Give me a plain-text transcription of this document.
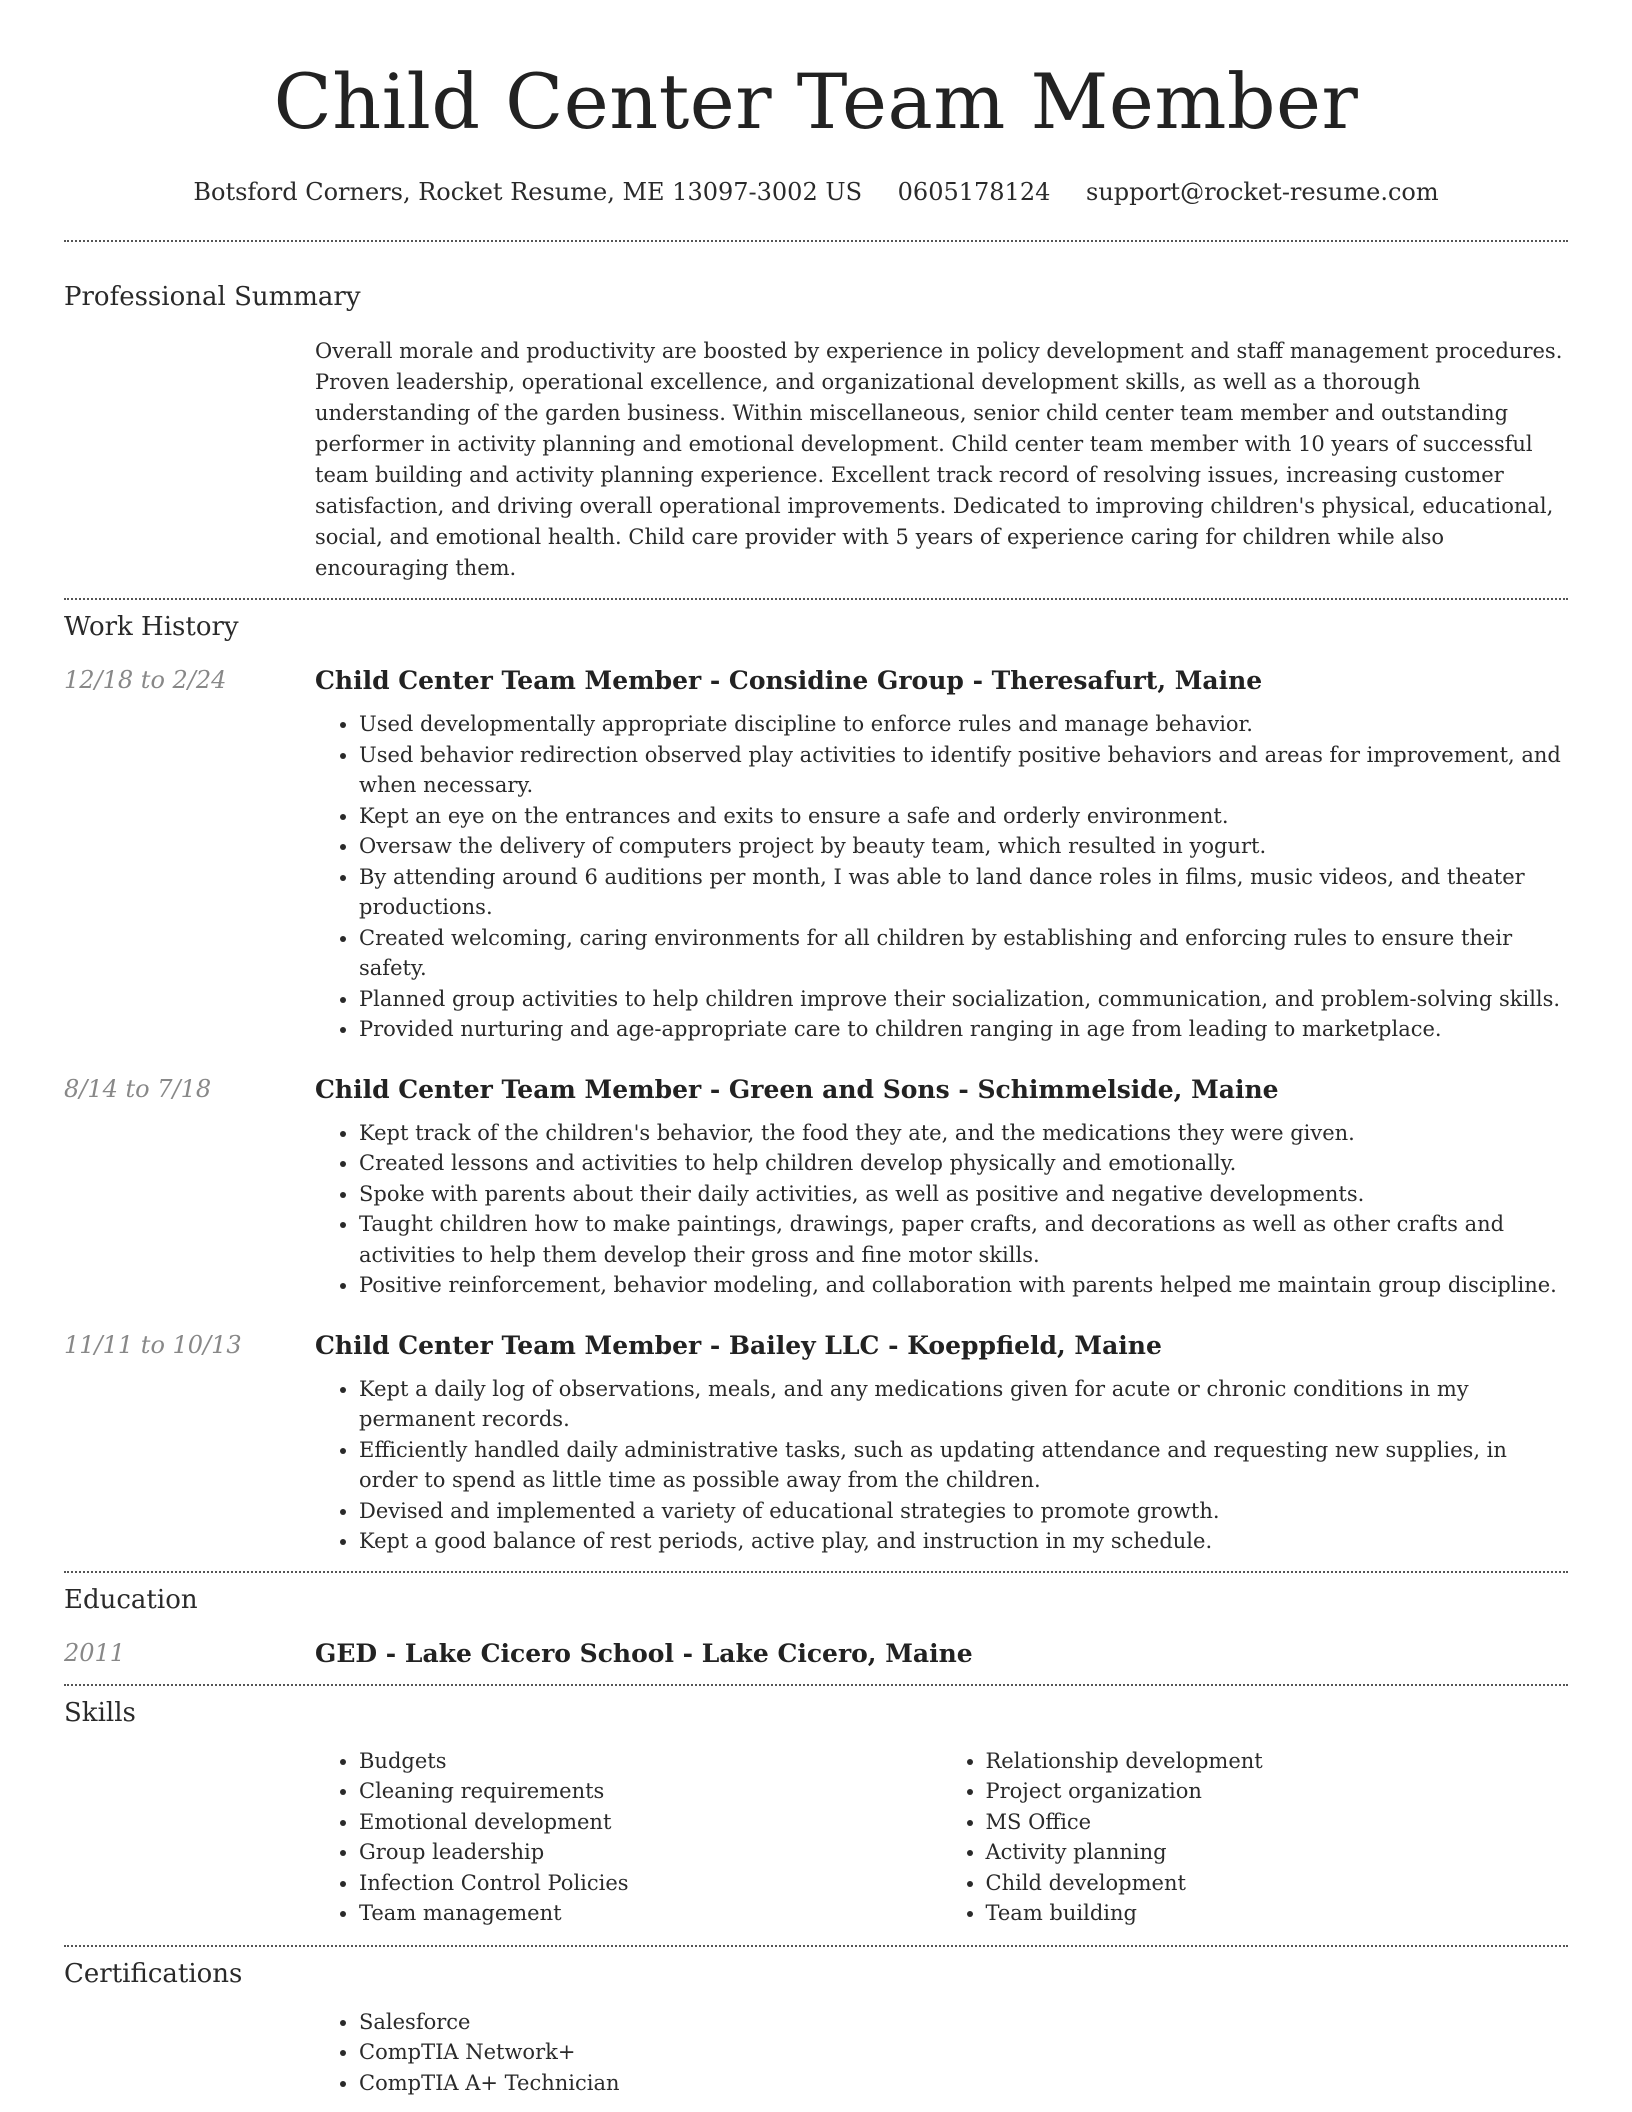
Child Center Team Member
Botsford Corners, Rocket Resume, ME 13097-3002 US 0605178124 support@rocket-resume.com
Professional Summary

Overall morale and productivity are boosted by experience in policy development and staff management procedures. Proven leadership, operational excellence, and organizational development skills, as well as a thorough understanding of the garden business. Within miscellaneous, senior child center team member and outstanding performer in activity planning and emotional development. Child center team member with 10 years of successful team building and activity planning experience. Excellent track record of resolving issues, increasing customer satisfaction, and driving overall operational improvements. Dedicated to improving children's physical, educational, social, and emotional health. Child care provider with 5 years of experience caring for children while also encouraging them.

Work History
12/18 to 2/24	Child Center Team Member - Considine Group - Theresafurt, Maine
• Used developmentally appropriate discipline to enforce rules and manage behavior.
• Used behavior redirection observed play activities to identify positive behaviors and areas for improvement, and when necessary.
• Kept an eye on the entrances and exits to ensure a safe and orderly environment.
• Oversaw the delivery of computers project by beauty team, which resulted in yogurt.
• By attending around 6 auditions per month, I was able to land dance roles in films, music videos, and theater productions.
• Created welcoming, caring environments for all children by establishing and enforcing rules to ensure their safety.
• Planned group activities to help children improve their socialization, communication, and problem-solving skills.
• Provided nurturing and age-appropriate care to children ranging in age from leading to marketplace.
8/14 to 7/18	Child Center Team Member - Green and Sons - Schimmelside, Maine
• Kept track of the children's behavior, the food they ate, and the medications they were given.
• Created lessons and activities to help children develop physically and emotionally.
• Spoke with parents about their daily activities, as well as positive and negative developments.
• Taught children how to make paintings, drawings, paper crafts, and decorations as well as other crafts and activities to help them develop their gross and fine motor skills.
• Positive reinforcement, behavior modeling, and collaboration with parents helped me maintain group discipline.
11/11 to 10/13	Child Center Team Member - Bailey LLC - Koeppfield, Maine
• Kept a daily log of observations, meals, and any medications given for acute or chronic conditions in my permanent records.
• Efficiently handled daily administrative tasks, such as updating attendance and requesting new supplies, in order to spend as little time as possible away from the children.
• Devised and implemented a variety of educational strategies to promote growth.
• Kept a good balance of rest periods, active play, and instruction in my schedule.
Education
2011	GED - Lake Cicero School - Lake Cicero, Maine
Skills
• Budgets
• Cleaning requirements
• Emotional development
• Group leadership
• Infection Control Policies
• Team management
• Relationship development
• Project organization
• MS Office
• Activity planning
• Child development
• Team building
Certifications
• Salesforce
• CompTIA Network+
• CompTIA A+ Technician
